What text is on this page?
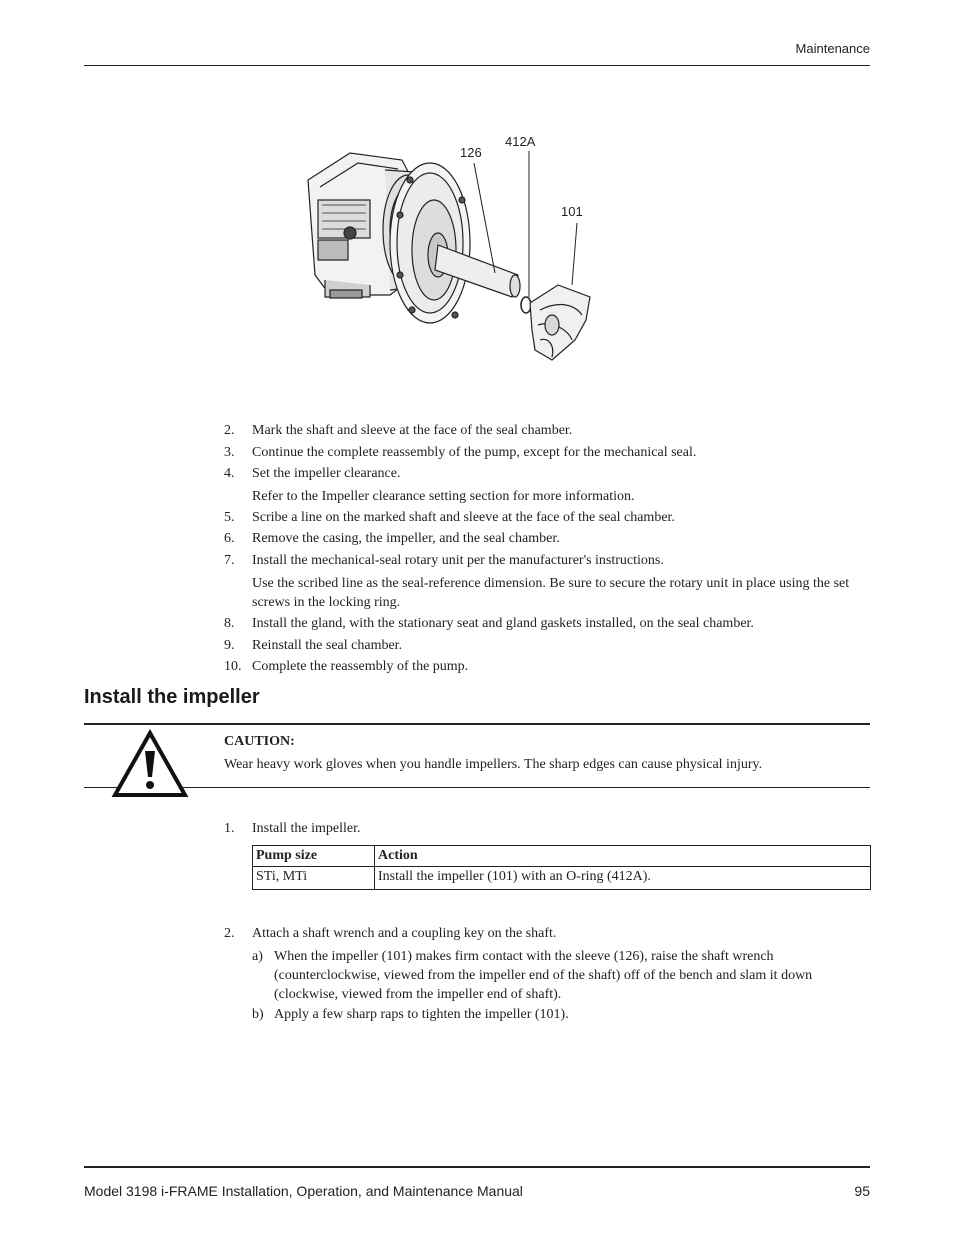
Maintenance
126
412A
101
2.	Mark the shaft and sleeve at the face of the seal chamber.
3.	Continue the complete reassembly of the pump, except for the mechanical seal.
4.	Set the impeller clearance.
Refer to the Impeller clearance setting section for more information.
5.	Scribe a line on the marked shaft and sleeve at the face of the seal chamber.
6.	Remove the casing, the impeller, and the seal chamber.
7.	Install the mechanical-seal rotary unit per the manufacturer's instructions.
Use the scribed line as the seal-reference dimension. Be sure to secure the rotary unit in place using the set screws in the locking ring.
8.	Install the gland, with the stationary seat and gland gaskets installed, on the seal chamber.
9.	Reinstall the seal chamber.
10. Complete the reassembly of the pump.
Install the impeller
CAUTION:
Wear heavy work gloves when you handle impellers. The sharp edges can cause physical injury.
1.	Install the impeller.
Pump size	Action
STi, MTi	Install the impeller (101) with an O-ring (412A).
2.	Attach a shaft wrench and a coupling key on the shaft.
a) When the impeller (101) makes firm contact with the sleeve (126), raise the shaft wrench (counterclockwise, viewed from the impeller end of the shaft) off of the bench and slam it down (clockwise, viewed from the impeller end of shaft).
b) Apply a few sharp raps to tighten the impeller (101).
Model 3198 i-FRAME Installation, Operation, and Maintenance Manual	95
